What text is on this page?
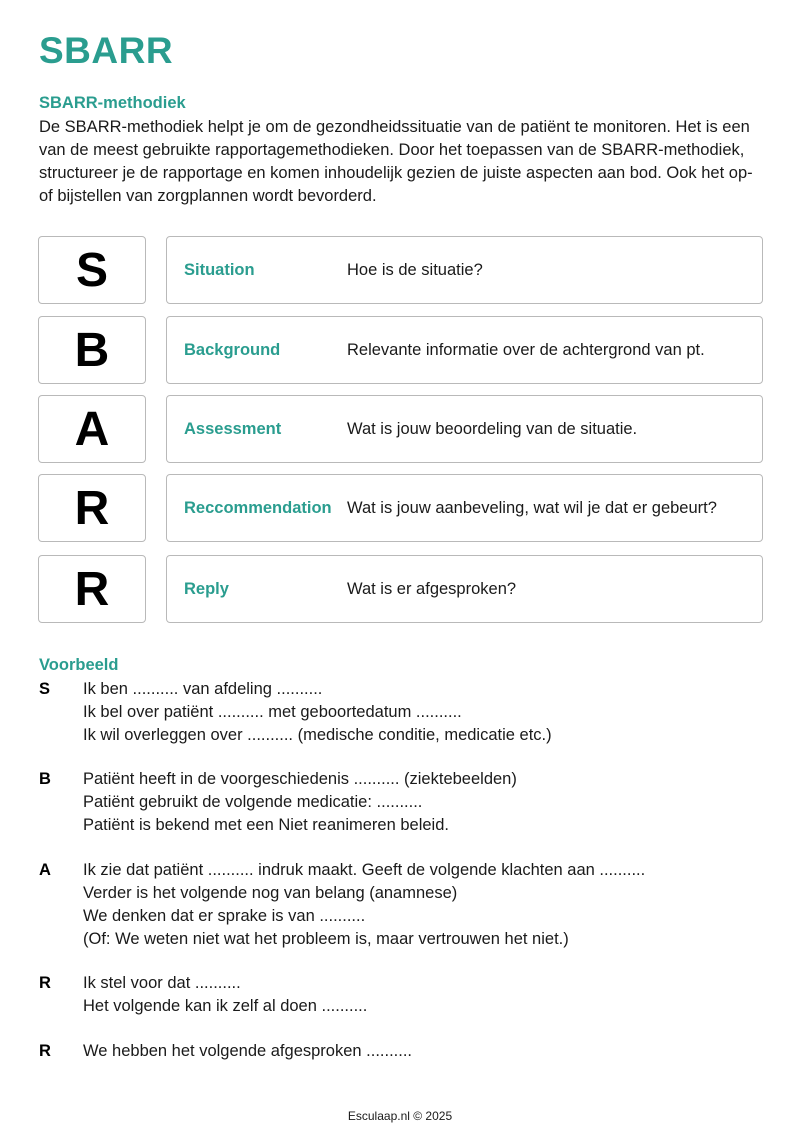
SBARR
SBARR-methodiek

De SBARR-methodiek helpt je om de gezondheidssituatie van de patiënt te monitoren. Het is een van de meest gebruikte rapportagemethodieken. Door het toepassen van de SBARR-methodiek, structureer je de rapportage en komen inhoudelijk gezien de juiste aspecten aan bod. Ook het op- of bijstellen van zorgplannen wordt bevorderd.

S	Situation	Hoe is de situatie?
B	Background	Relevante informatie over de achtergrond van pt.
A	Assessment	Wat is jouw beoordeling van de situatie.
R	Reccommendation Wat is jouw aanbeveling, wat wil je dat er gebeurt?
R	Reply	Wat is er afgesproken?
Voorbeeld
S Ik ben .......... van afdeling ..........
Ik bel over patiënt .......... met geboortedatum ..........
Ik wil overleggen over .......... (medische conditie, medicatie etc.)
B Patiënt heeft in de voorgeschiedenis .......... (ziektebeelden)
Patiënt gebruikt de volgende medicatie: ..........
Patiënt is bekend met een Niet reanimeren beleid.
A Ik zie dat patiënt .......... indruk maakt. Geeft de volgende klachten aan ..........
Verder is het volgende nog van belang (anamnese)
We denken dat er sprake is van ..........
(Of: We weten niet wat het probleem is, maar vertrouwen het niet.)
R Ik stel voor dat ..........
Het volgende kan ik zelf al doen ..........
R We hebben het volgende afgesproken ..........
Esculaap.nl © 2025
